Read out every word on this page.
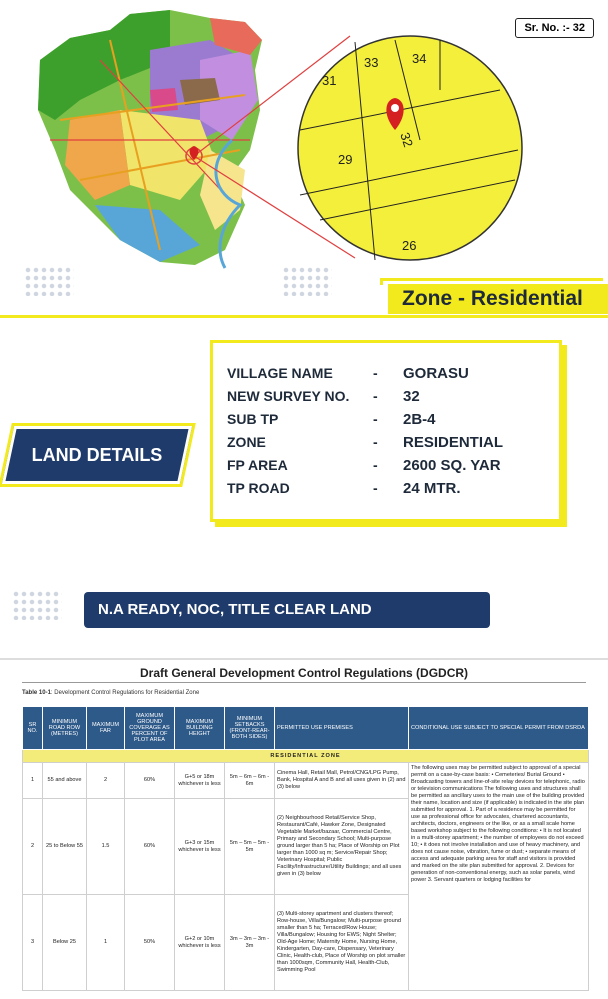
31
33	34
32
29
26
Sr. No. :- 32
Zone - Residential
LAND DETAILS
VILLAGE NAME	-	GORASU
NEW SURVEY NO.	-	32
SUB TP	-	2B-4
ZONE	-	RESIDENTIAL
FP AREA	-	2600 SQ. YAR
TP ROAD	-	24 MTR.
N.A READY, NOC, TITLE CLEAR LAND
Draft General Development Control Regulations (DGDCR)
Table 10-1: Development Control Regulations for Residential Zone
SR NO.	MINIMUM ROAD ROW (METRES)	MAXIMUM FAR	MAXIMUM GROUND COVERAGE AS PERCENT OF PLOT AREA	MAXIMUM BUILDING HEIGHT	MINIMUM SETBACKS (FRONT-REAR-BOTH SIDES)	PERMITTED USE PREMISES	CONDITIONAL USE SUBJECT TO SPECIAL PERMIT FROM DSRDA
RESIDENTIAL ZONE							
1	55 and above	2	60%	G+5 or 18m whichever is less	5m – 6m – 6m - 6m	Cinema Hall, Retail Mall, Petrol/CNG/LPG Pump, Bank, Hospital A and B and all uses given in (2) and (3) below	The following uses may be permitted subject to approval of a special permit on a case-by-case basis: • Cemeteries/ Burial Ground • Broadcasting towers and line-of-site relay devices for telephonic, radio or television communications The following uses and structures shall be permitted as ancillary uses to the main use of the building provided their name, location and size (if applicable) is indicated in the site plan submitted for approval. 1. Part of a residence may be permitted for use as professional office for advocates, chartered accountants, architects, doctors, engineers or the like, or as a small scale home based workshop subject to the following conditions: • It is not located in a multi-storey apartment; • the number of employees do not exceed 10; • it does not involve installation and use of heavy machinery, and does not cause noise, vibration, fume or dust; • separate means of access and adequate parking area for staff and visitors is provided and marked on the site plan submitted for approval. 2. Devices for generation of non-conventional energy, such as solar panels, wind power 3. Servant quarters or lodging facilities for
2	25 to Below 55	1.5	60%	G+3 or 15m whichever is less	5m – 5m – 5m - 5m	(2) Neighbourhood Retail/Service Shop, Restaurant/Café, Hawker Zone, Designated Vegetable Market/bazaar, Commercial Centre, Primary and Secondary School; Multi-purpose ground larger than 5 ha; Place of Worship on Plot larger than 1000 sq m; Service/Repair Shop; Veterinary Hospital; Public Facility/Infrastructure/Utility Buildings; and all uses given in (3) below	
3	Below 25	1	50%	G+2 or 10m whichever is less	3m – 3m – 3m - 3m	(3) Multi-storey apartment and clusters thereof; Row-house, Villa/Bungalow; Multi-purpose ground smaller than 5 ha; Terraced/Row House; Villa/Bungalow; Housing for EWS; Night Shelter; Old-Age Home; Maternity Home, Nursing Home, Kindergarten, Day-care, Dispensary, Veterinary Clinic, Health-club, Place of Worship on plot smaller than 1000sqm, Community Hall, Health-Club, Swimming Pool	
